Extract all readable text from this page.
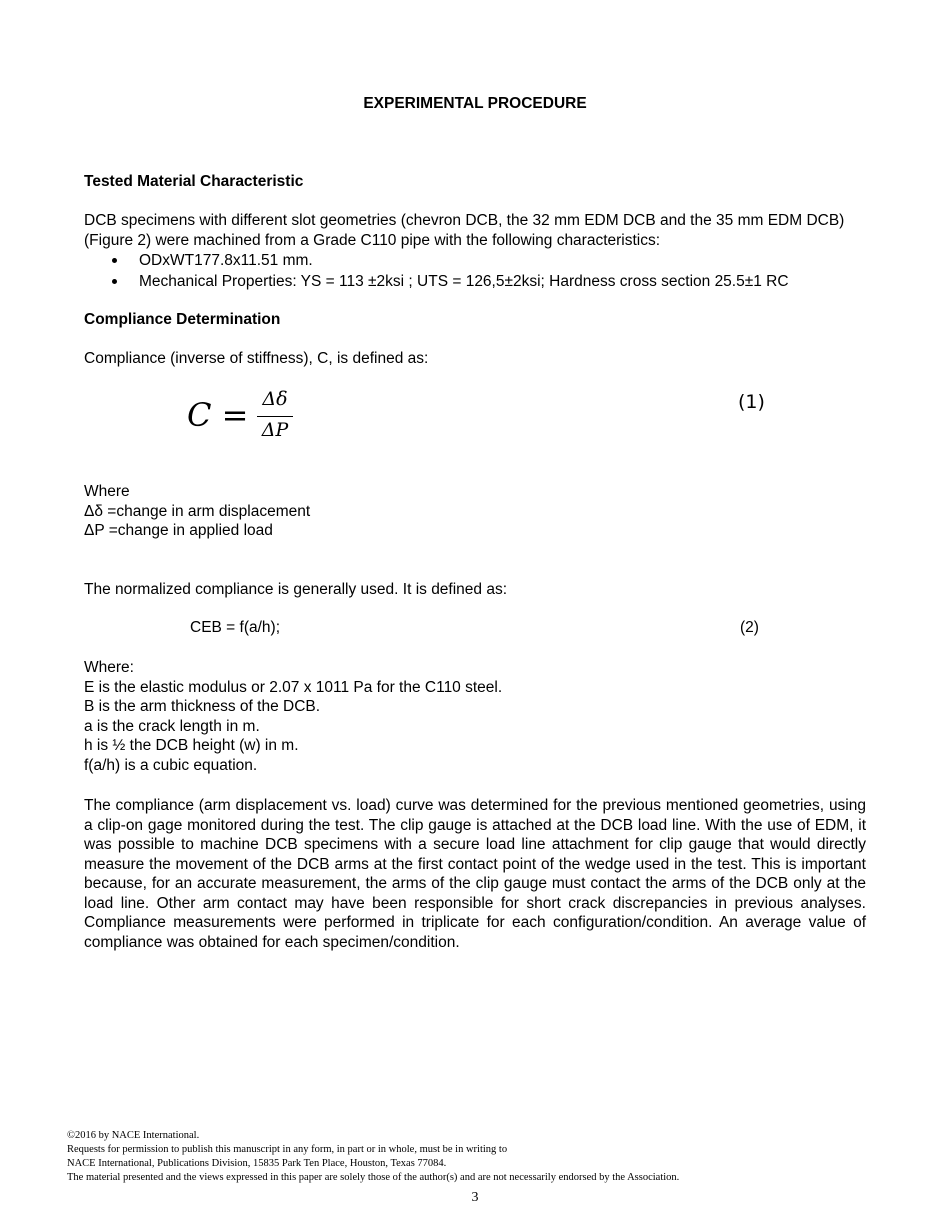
EXPERIMENTAL PROCEDURE
Tested Material Characteristic
DCB specimens with different slot geometries (chevron DCB, the 32 mm EDM DCB and the 35 mm EDM DCB) (Figure 2) were machined from a Grade C110 pipe with the following characteristics:
ODxWT177.8x11.51 mm.
Mechanical Properties: YS = 113 ±2ksi ; UTS = 126,5±2ksi; Hardness cross section 25.5±1 RC
Compliance Determination
Compliance (inverse of stiffness), C, is defined as:
C = Δδ
ΔP
(1)
Where
Δδ =change in arm displacement
ΔP =change in applied load
The normalized compliance is generally used. It is defined as:
CEB = f(a/h);	(2)
Where:
E is the elastic modulus or 2.07 x 1011 Pa for the C110 steel.
B is the arm thickness of the DCB.
a is the crack length in m.
h is ½ the DCB height (w) in m.
f(a/h) is a cubic equation.
The compliance (arm displacement vs. load) curve was determined for the previous mentioned geometries, using a clip-on gage monitored during the test. The clip gauge is attached at the DCB load line. With the use of EDM, it was possible to machine DCB specimens with a secure load line attachment for clip gauge that would directly measure the movement of the DCB arms at the first contact point of the wedge used in the test. This is important because, for an accurate measurement, the arms of the clip gauge must contact the arms of the DCB only at the load line. Other arm contact may have been responsible for short crack discrepancies in previous analyses. Compliance measurements were performed in triplicate for each configuration/condition. An average value of compliance was obtained for each specimen/condition.
©2016 by NACE International.
Requests for permission to publish this manuscript in any form, in part or in whole, must be in writing to
NACE International, Publications Division, 15835 Park Ten Place, Houston, Texas 77084.
The material presented and the views expressed in this paper are solely those of the author(s) and are not necessarily endorsed by the Association.
3
